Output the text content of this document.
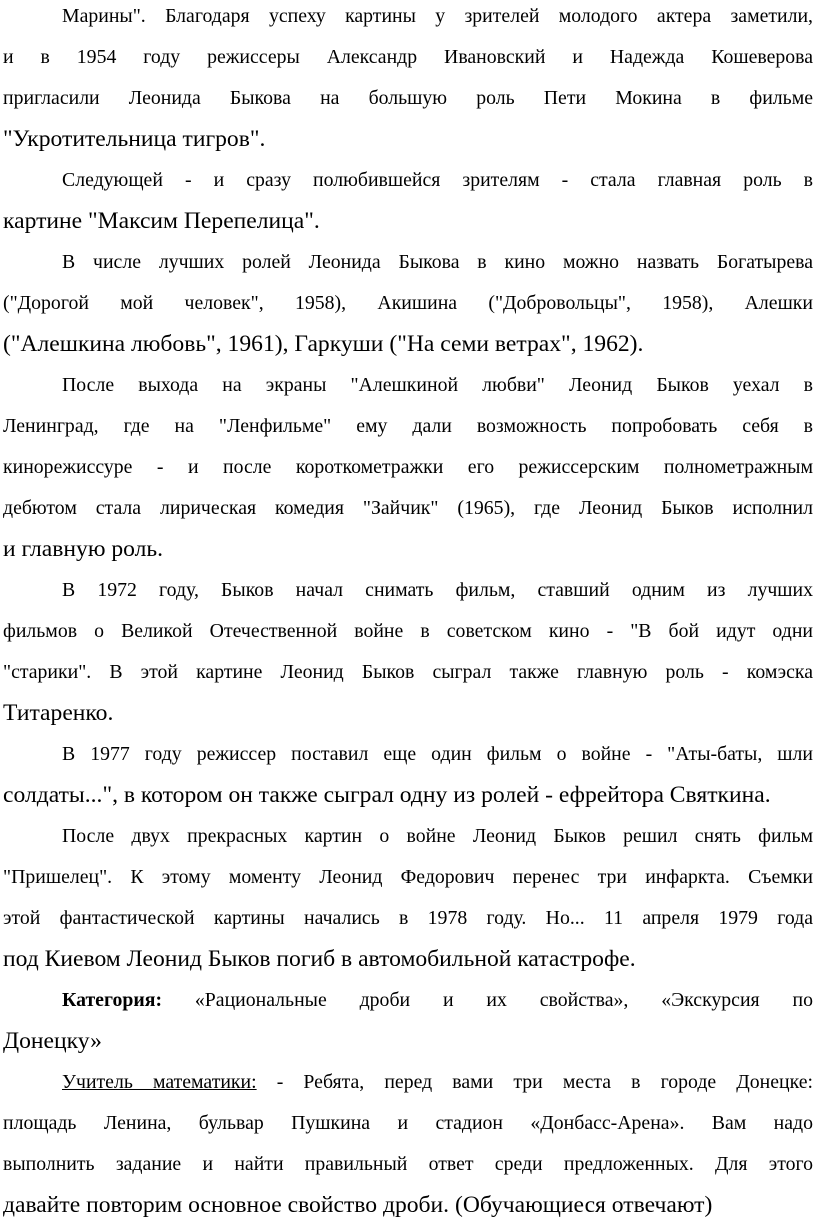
Марины". Благодаря успеху картины у зрителей молодого актера заметили,
и в 1954 году режиссеры Александр Ивановский и Надежда Кошеверова
пригласили Леонида Быкова на большую роль Пети Мокина в фильме
"Укротительница тигров".
Следующей - и сразу полюбившейся зрителям - стала главная роль в
картине "Максим Перепелица".
В числе лучших ролей Леонида Быкова в кино можно назвать Богатырева
("Дорогой мой человек", 1958), Акишина ("Добровольцы", 1958), Алешки
("Алешкина любовь", 1961), Гаркуши ("На семи ветрах", 1962).
После выхода на экраны "Алешкиной любви" Леонид Быков уехал в
Ленинград, где на "Ленфильме" ему дали возможность попробовать себя в
кинорежиссуре - и после короткометражки его режиссерским полнометражным
дебютом стала лирическая комедия "Зайчик" (1965), где Леонид Быков исполнил
и главную роль.
В 1972 году, Быков начал снимать фильм, ставший одним из лучших
фильмов о Великой Отечественной войне в советском кино - "В бой идут одни
"старики". В этой картине Леонид Быков сыграл также главную роль - комэска
Титаренко.
В 1977 году режиссер поставил еще один фильм о войне - "Аты-баты, шли
солдаты...", в котором он также сыграл одну из ролей - ефрейтора Святкина.
После двух прекрасных картин о войне Леонид Быков решил снять фильм
"Пришелец". К этому моменту Леонид Федорович перенес три инфаркта. Съемки
этой фантастической картины начались в 1978 году. Но... 11 апреля 1979 года
под Киевом Леонид Быков погиб в автомобильной катастрофе.
Категория: «Рациональные дроби и их свойства», «Экскурсия по
Донецку»
Учитель математики: - Ребята, перед вами три места в городе Донецке:
площадь Ленина, бульвар Пушкина и стадион «Донбасс-Арена». Вам надо
выполнить задание и найти правильный ответ среди предложенных. Для этого
давайте повторим основное свойство дроби. (Обучающиеся отвечают)
